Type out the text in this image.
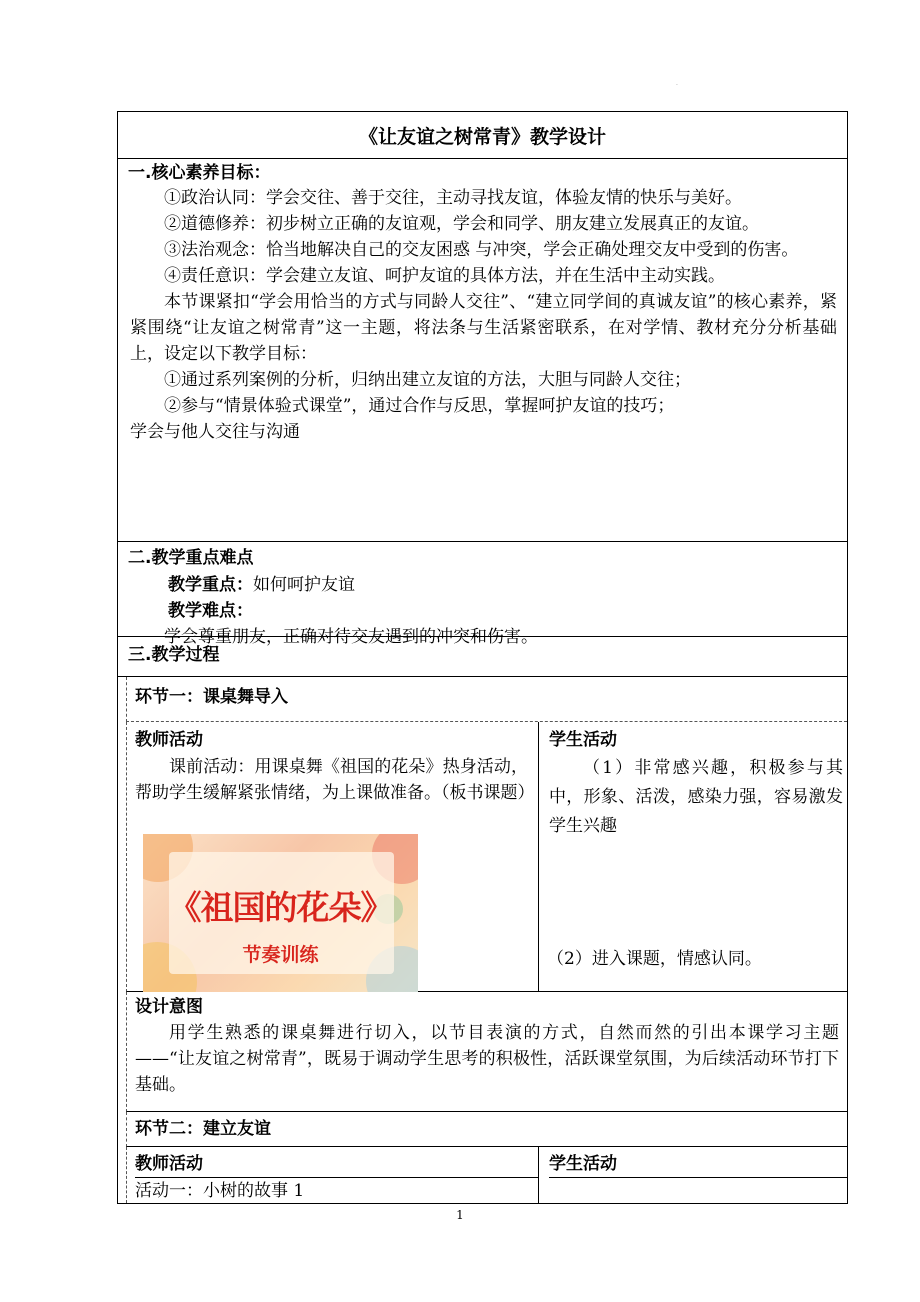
.
《让友谊之树常青》教学设计
一.核心素养目标：
①政治认同：学会交往、善于交往，主动寻找友谊，体验友情的快乐与美好。
②道德修养：初步树立正确的友谊观，学会和同学、朋友建立发展真正的友谊。
③法治观念：恰当地解决自己的交友困惑 与冲突，学会正确处理交友中受到的伤害。
④责任意识：学会建立友谊、呵护友谊的具体方法，并在生活中主动实践。
本节课紧扣“学会用恰当的方式与同龄人交往”、“建立同学间的真诚友谊”的核心素养，紧紧围绕“让友谊之树常青”这一主题，将法条与生活紧密联系，在对学情、教材充分分析基础上，设定以下教学目标：
①通过系列案例的分析，归纳出建立友谊的方法，大胆与同龄人交往；
②参与“情景体验式课堂”，通过合作与反思，掌握呵护友谊的技巧；
学会与他人交往与沟通
二.教学重点难点
教学重点：如何呵护友谊
教学难点：
学会尊重朋友，正确对待交友遇到的冲突和伤害。
三.教学过程
环节一：课桌舞导入
教师活动
课前活动：用课桌舞《祖国的花朵》热身活动，帮助学生缓解紧张情绪，为上课做准备。（板书课题）
《祖国的花朵》
节奏训练
学生活动
（1）非常感兴趣，积极参与其中，形象、活泼，感染力强，容易激发学生兴趣
（2）进入课题，情感认同。
设计意图
用学生熟悉的课桌舞进行切入，以节目表演的方式，自然而然的引出本课学习主题——“让友谊之树常青”，既易于调动学生思考的积极性，活跃课堂氛围，为后续活动环节打下基础。
环节二：建立友谊
教师活动
活动一：小树的故事 1
学生活动
1
